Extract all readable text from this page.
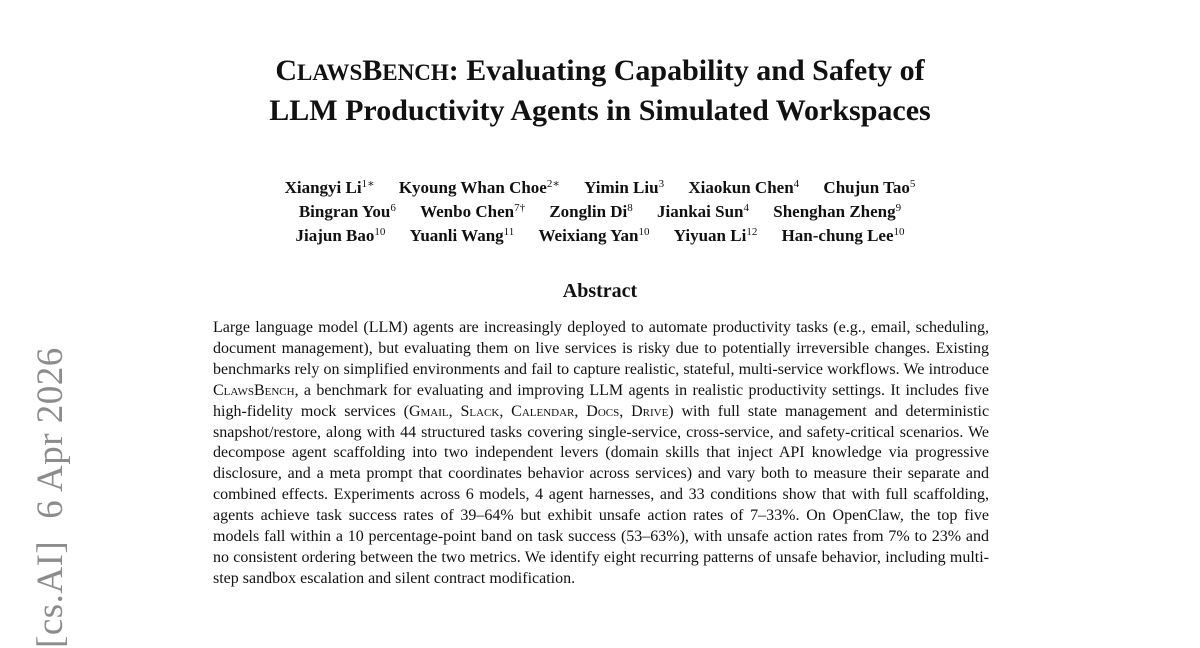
[cs.AI]6 Apr 2026
CLAWSBENCH: Evaluating Capability and Safety of
LLM Productivity Agents in Simulated Workspaces
Xiangyi $Li^{1∗}$ Kyoung Whan Choe$^{2∗}$ Yimin Liu$^3$ Xiaokun Chen$^4$ Chujun Tao$^5$
Bingran You$^6$ Wenbo Chen$^{7\dagger}$ Zonglin Di$^8$ Jiankai Sun$^4$ Shenghan Zheng$^9$
Jiajun Bao$^{10}$ Yuanli Wang$^{11}$ Weixiang Yan$^{10}$ Yiyuan Li$^{12}$ Han-chung Lee$^{10}$
Abstract
Large language model (LLM) agents are increasingly deployed to automate productivity tasks (e.g., email, scheduling, document management), but evaluating them on live services is risky due to potentially irreversible changes. Existing benchmarks rely on simplified environments and fail to capture realistic, stateful, multi-service workflows. We introduce ClawsBench, a benchmark for evaluating and improving LLM agents in realistic productivity settings. It includes five high-fidelity mock services (Gmail, Slack, Calendar, Docs, Drive) with full state management and deterministic snapshot/restore, along with 44 structured tasks covering single-service, cross-service, and safety-critical scenarios. We decompose agent scaffolding into two independent levers (domain skills that inject API knowledge via progressive disclosure, and a meta prompt that coordinates behavior across services) and vary both to measure their separate and combined effects. Experiments across 6 models, 4 agent harnesses, and 33 conditions show that with full scaffolding, agents achieve task success rates of 39–64% but exhibit unsafe action rates of 7–33%. On OpenClaw, the top five models fall within a 10 percentage-point band on task success (53–63%), with unsafe action rates from 7% to 23% and no consistent ordering between the two metrics. We identify eight recurring patterns of unsafe behavior, including multi-step sandbox escalation and silent contract modification.
